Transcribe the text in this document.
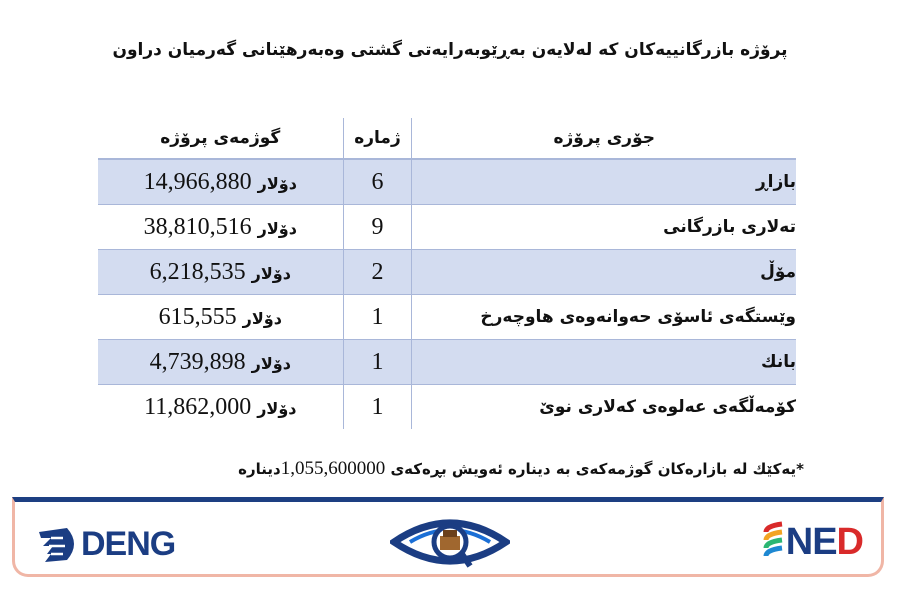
پرۆژە بازرگانییەکان کە لەلایەن بەڕێوبەرایەتی گشتی وەبەرهێنانی گەرمیان دراون
گوژمەی پرۆژە	ژمارە	جۆری پرۆژە
14,966,880 دۆلار	6	بازاڕ
38,810,516 دۆلار	9	تەلاری بازرگانی
6,218,535 دۆلار	2	مۆڵ
615,555 دۆلار	1	وێستگەی ئاسۆی حەوانەوەی هاوچەرخ
4,739,898 دۆلار	1	بانك
11,862,000 دۆلار	1	کۆمەڵگەی عەلوەی کەلاری نوێ
*یەکێك لە بازارەکان گوژمەکەی بە دینارە ئەویش بڕەکەی 1,055,600000دینارە
DENG	NED
